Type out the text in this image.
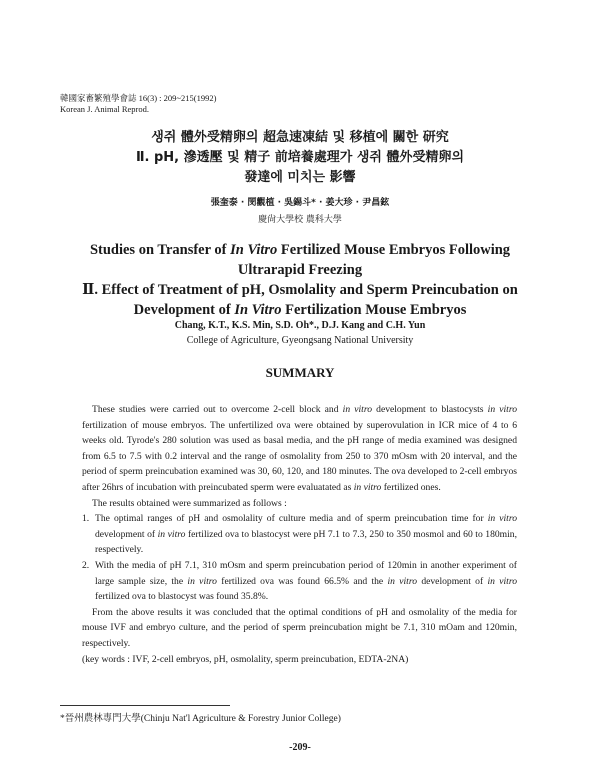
韓國家畜繁殖學會誌 16(3) : 209~215(1992)
Korean J. Animal Reprod.
생쥐 體外受精卵의 超急速凍結 및 移植에 關한 研究
Ⅱ. pH, 滲透壓 및 精子 前培養處理가 생쥐 體外受精卵의
發達에 미치는 影響
張奎泰 · 閔觀植 · 吳錫斗* · 姜大珍 · 尹昌鉉
慶尙大學校 農科大學
Studies on Transfer of In Vitro Fertilized Mouse Embryos Following
Ultrarapid Freezing
Ⅱ. Effect of Treatment of pH, Osmolality and Sperm Preincubation on
Development of In Vitro Fertilization Mouse Embryos
Chang, K.T., K.S. Min, S.D. Oh*., D.J. Kang and C.H. Yun
College of Agriculture, Gyeongsang National University
SUMMARY

These studies were carried out to overcome 2-cell block and in vitro development to blastocysts in vitro fertilization of mouse embryos. The unfertilized ova were obtained by superovulation in ICR mice of 4 to 6 weeks old. Tyrode's 280 solution was used as basal media, and the pH range of media examined was designed from 6.5 to 7.5 with 0.2 interval and the range of osmolality from 250 to 370 mOsm with 20 interval, and the period of sperm preincubation examined was 30, 60, 120, and 180 minutes. The ova developed to 2-cell embryos after 26hrs of incubation with preincubated sperm were evaluatated as in vitro fertilized ones.

The results obtained were summarized as follows :

1. The optimal ranges of pH and osmolality of culture media and of sperm preincubation time for in vitro development of in vitro fertilized ova to blastocyst were pH 7.1 to 7.3, 250 to 350 mosmol and 60 to 180min, respectively.
2. With the media of pH 7.1, 310 mOsm and sperm preincubation period of 120min in another experiment of large sample size, the in vitro fertilized ova was found 66.5% and the in vitro development of in vitro fertilized ova to blastocyst was found 35.8%.

From the above results it was concluded that the optimal conditions of pH and osmolality of the media for mouse IVF and embryo culture, and the period of sperm preincubation might be 7.1, 310 mOam and 120min, respectively.

(key words : IVF, 2-cell embryos, pH, osmolality, sperm preincubation, EDTA-2NA)

*晉州農林專門大學(Chinju Nat'l Agriculture & Forestry Junior College)
-209-
